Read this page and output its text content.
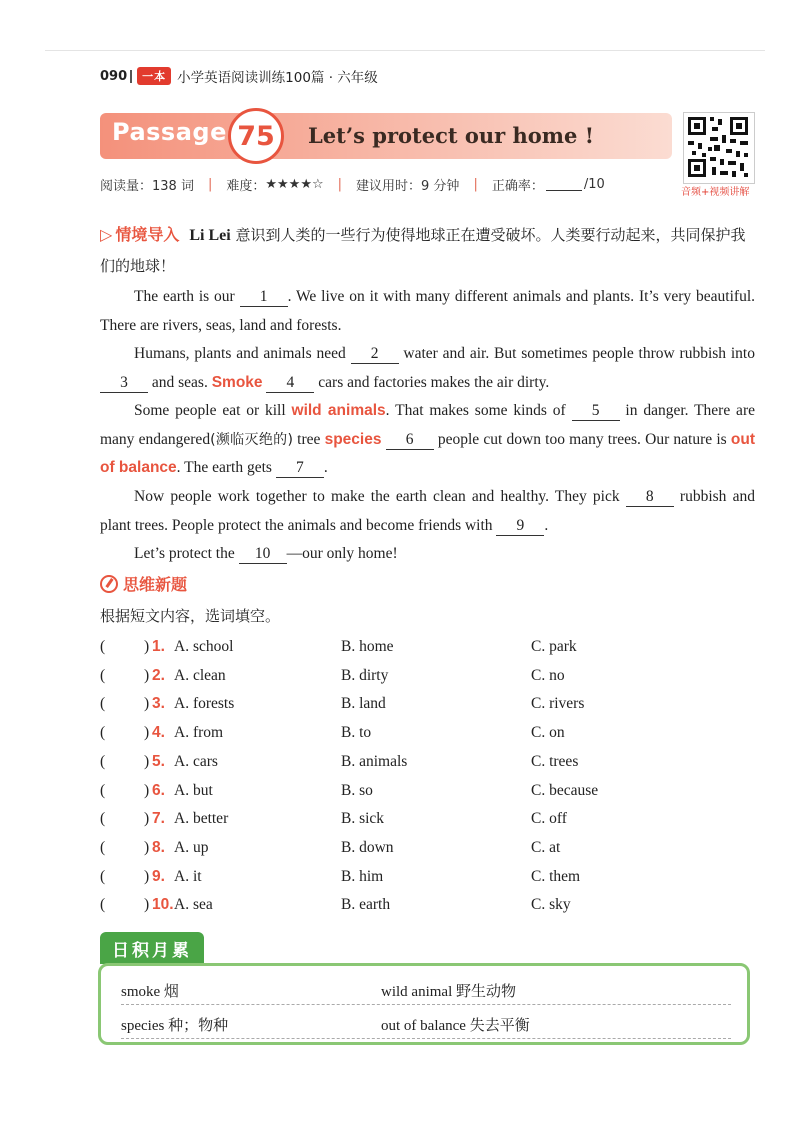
090	一本 小学英语阅读训练100篇 · 六年级
Passage 75	Let’s protect our home !
音频+视频讲解
阅读量：138 词 | 难度： ★★★★☆ | 建议用时：9 分钟 | 正确率：	/10
▷ 情境导入 Li Lei 意识到人类的一些行为使得地球正在遭受破坏。人类要行动起来，共同保护我们的地球！
The earth is our 1 . We live on it with many different animals and plants. It’s very beautiful. There are rivers, seas, land and forests.
Humans, plants and animals need 2 water and air. But sometimes people throw rubbish into 3 and seas. Smoke 4 cars and factories makes the air dirty.
Some people eat or kill wild animals. That makes some kinds of 5 in danger. There are many endangered(濒临灭绝的) tree species 6 people cut down too many trees. Our nature is out of balance. The earth gets 7 .
Now people work together to make the earth clean and healthy. They pick 8 rubbish and plant trees. People protect the animals and become friends with 9 .
Let’s protect the 10 —our only home!
思维新题
根据短文内容，选词填空。
(	) 1. A. school	B. home	C. park
(	) 2. A. clean	B. dirty	C. no
(	) 3. A. forests	B. land	C. rivers
(	) 4. A. from	B. to	C. on
(	) 5. A. cars	B. animals	C. trees
(	) 6. A. but	B. so	C. because
(	) 7. A. better	B. sick	C. off
(	) 8. A. up	B. down	C. at
(	) 9. A. it	B. him	C. them
(	) 10. A. sea	B. earth	C. sky
日积月累
smoke 烟	wild animal 野生动物
species 种；物种	out of balance 失去平衡
